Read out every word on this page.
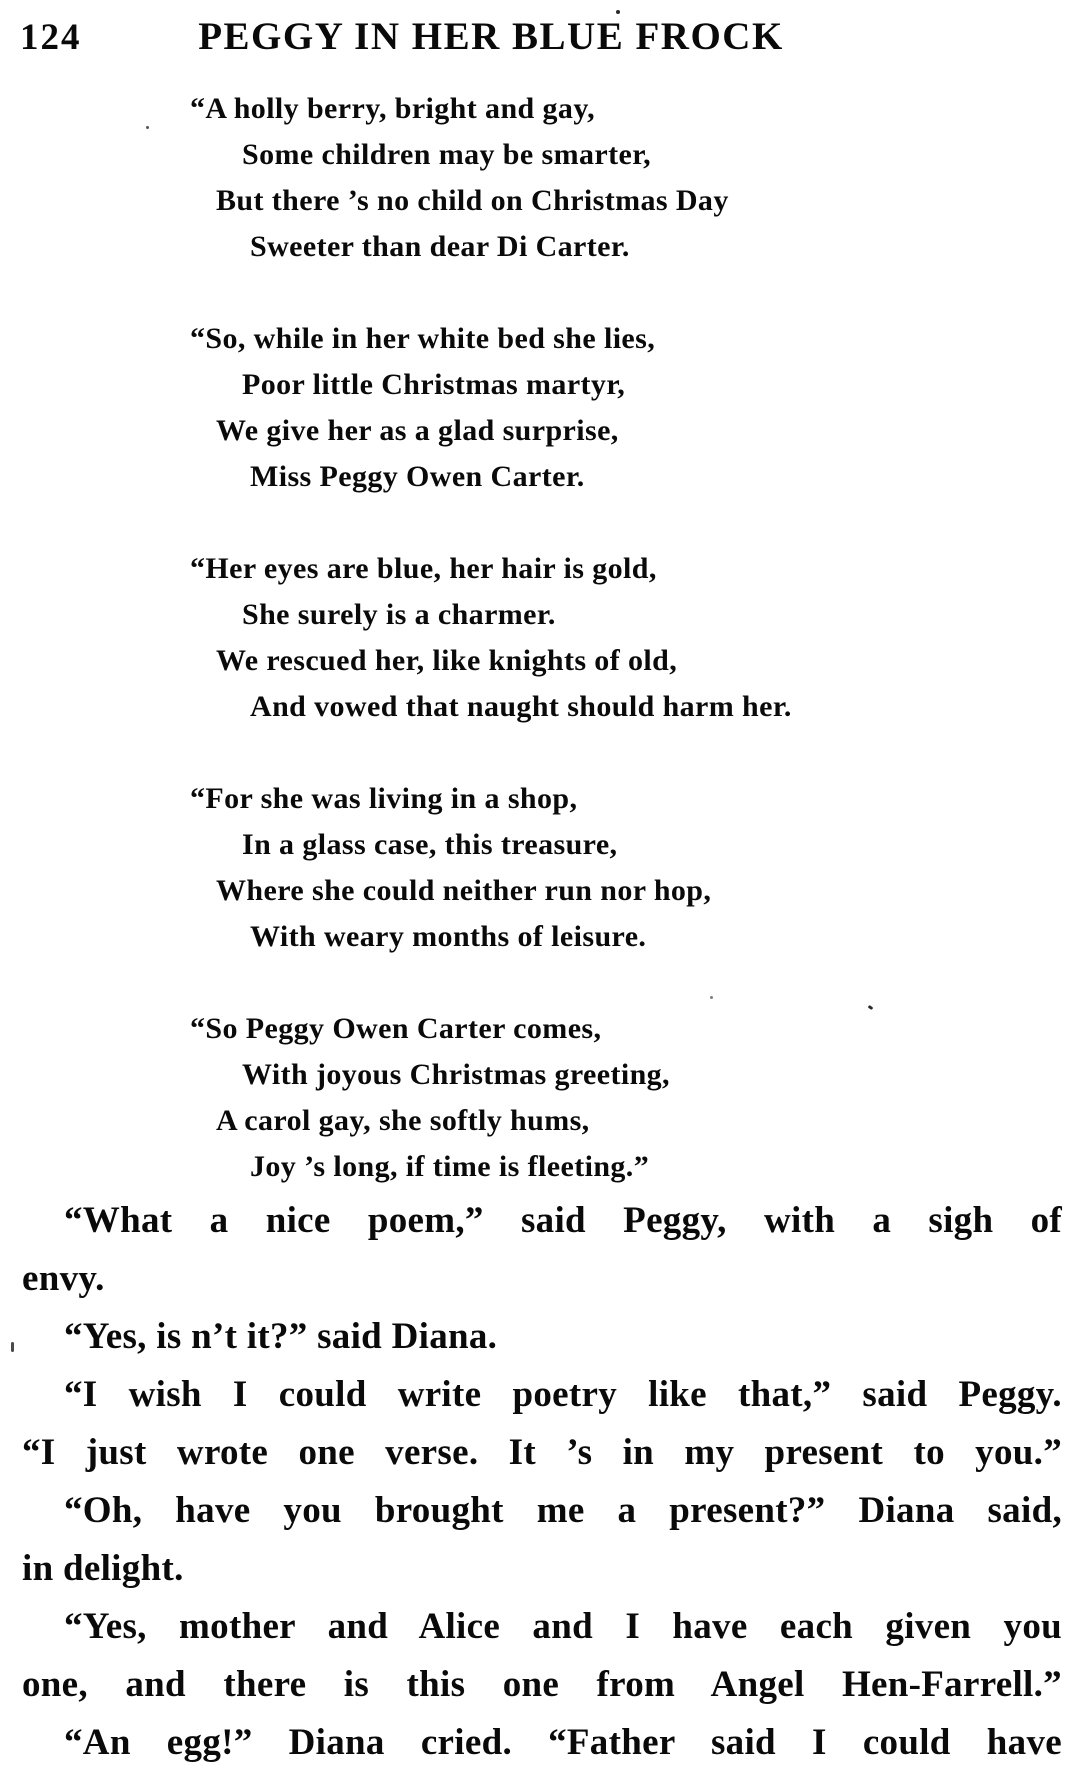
124	PEGGY IN HER BLUE FROCK
“A holly berry, bright and gay,
Some children may be smarter,
But there ’s no child on Christmas Day
Sweeter than dear Di Carter.
“So, while in her white bed she lies,
Poor little Christmas martyr,
We give her as a glad surprise,
Miss Peggy Owen Carter.
“Her eyes are blue, her hair is gold,
She surely is a charmer.
We rescued her, like knights of old,
And vowed that naught should harm her.
“For she was living in a shop,
In a glass case, this treasure,
Where she could neither run nor hop,
With weary months of leisure.
“So Peggy Owen Carter comes,
With joyous Christmas greeting,
A carol gay, she softly hums,
Joy ’s long, if time is fleeting.”
“What a nice poem,” said Peggy, with a sigh of
envy.
“Yes, is n’t it?” said Diana.
“I wish I could write poetry like that,” said Peggy.
“I just wrote one verse. It ’s in my present to you.”
“Oh, have you brought me a present?” Diana said,
in delight.
“Yes, mother and Alice and I have each given you
one, and there is this one from Angel Hen-Farrell.”
“An egg!” Diana cried. “Father said I could have
